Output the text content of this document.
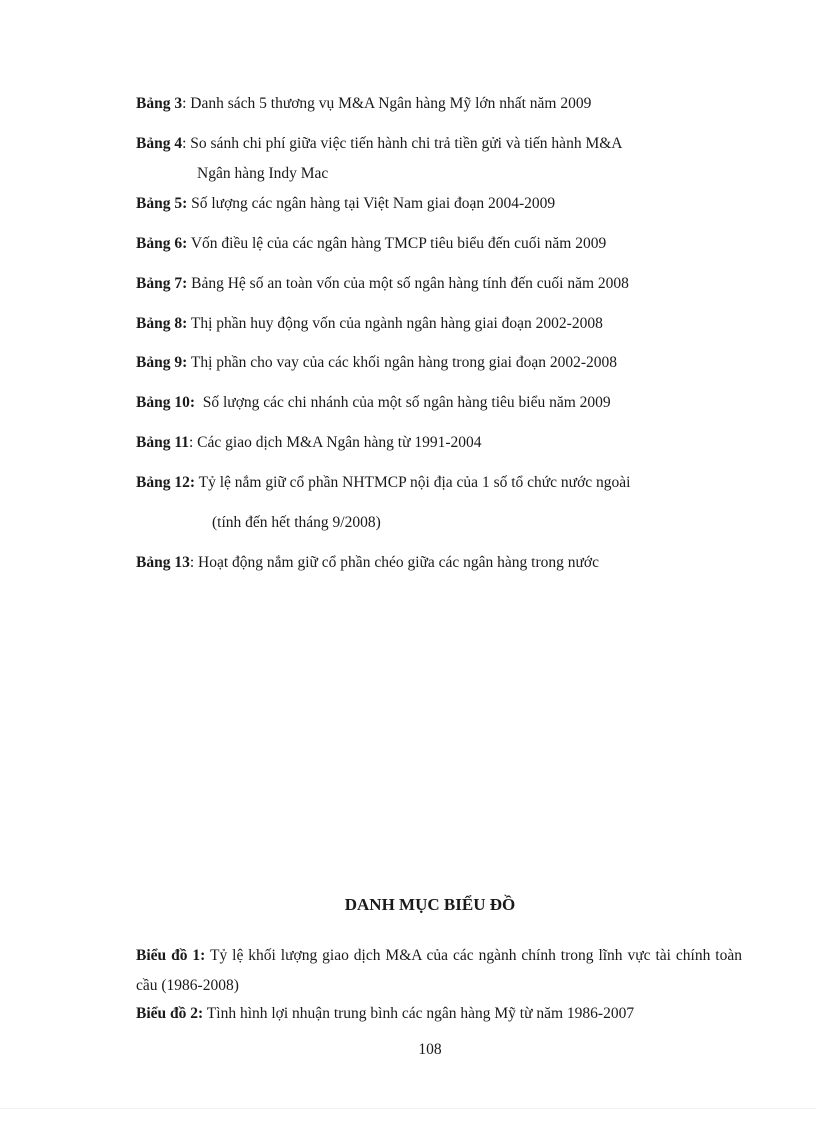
Bảng 3: Danh sách 5 thương vụ M&A Ngân hàng Mỹ lớn nhất năm 2009
Bảng 4: So sánh chi phí giữa việc tiến hành chi trả tiền gửi và tiến hành M&A
Ngân hàng Indy Mac
Bảng 5: Số lượng các ngân hàng tại Việt Nam giai đoạn 2004-2009
Bảng 6: Vốn điều lệ của các ngân hàng TMCP tiêu biểu đến cuối năm 2009
Bảng 7: Bảng Hệ số an toàn vốn của một số ngân hàng tính đến cuối năm 2008
Bảng 8: Thị phần huy động vốn của ngành ngân hàng giai đoạn 2002-2008
Bảng 9: Thị phần cho vay của các khối ngân hàng trong giai đoạn 2002-2008
Bảng 10: Số lượng các chi nhánh của một số ngân hàng tiêu biểu năm 2009
Bảng 11: Các giao dịch M&A Ngân hàng từ 1991-2004
Bảng 12: Tỷ lệ nắm giữ cổ phần NHTMCP nội địa của 1 số tổ chức nước ngoài
(tính đến hết tháng 9/2008)
Bảng 13: Hoạt động nắm giữ cổ phần chéo giữa các ngân hàng trong nước
DANH MỤC BIỂU ĐỒ
Biểu đồ 1: Tỷ lệ khối lượng giao dịch M&A của các ngành chính trong lĩnh vực tài chính toàn cầu (1986-2008)
Biểu đồ 2: Tình hình lợi nhuận trung bình các ngân hàng Mỹ từ năm 1986-2007
108
